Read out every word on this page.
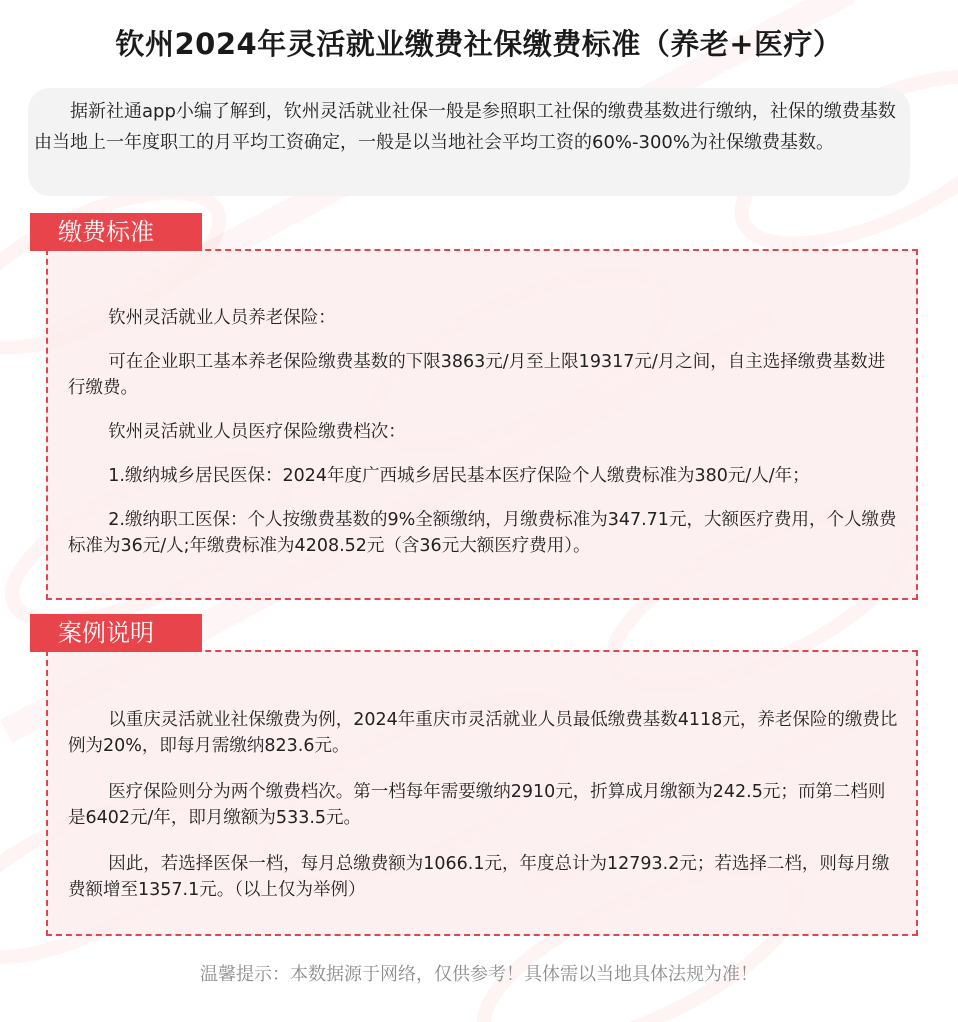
钦州2024年灵活就业缴费社保缴费标准（养老+医疗）

据新社通app小编了解到，钦州灵活就业社保一般是参照职工社保的缴费基数进行缴纳，社保的缴费基数由当地上一年度职工的月平均工资确定，一般是以当地社会平均工资的60%-300%为社保缴费基数。

缴费标准

钦州灵活就业人员养老保险：

可在企业职工基本养老保险缴费基数的下限3863元/月至上限19317元/月之间，自主选择缴费基数进行缴费。

钦州灵活就业人员医疗保险缴费档次：

1.缴纳城乡居民医保：2024年度广西城乡居民基本医疗保险个人缴费标准为380元/人/年；

2.缴纳职工医保：个人按缴费基数的9%全额缴纳，月缴费标准为347.71元，大额医疗费用，个人缴费标准为36元/人;年缴费标准为4208.52元（含36元大额医疗费用）。

案例说明

以重庆灵活就业社保缴费为例，2024年重庆市灵活就业人员最低缴费基数4118元，养老保险的缴费比例为20%，即每月需缴纳823.6元。

医疗保险则分为两个缴费档次。第一档每年需要缴纳2910元，折算成月缴额为242.5元；而第二档则是6402元/年，即月缴额为533.5元。

因此，若选择医保一档，每月总缴费额为1066.1元，年度总计为12793.2元；若选择二档，则每月缴费额增至1357.1元。（以上仅为举例）

温馨提示：本数据源于网络，仅供参考！具体需以当地具体法规为准！
